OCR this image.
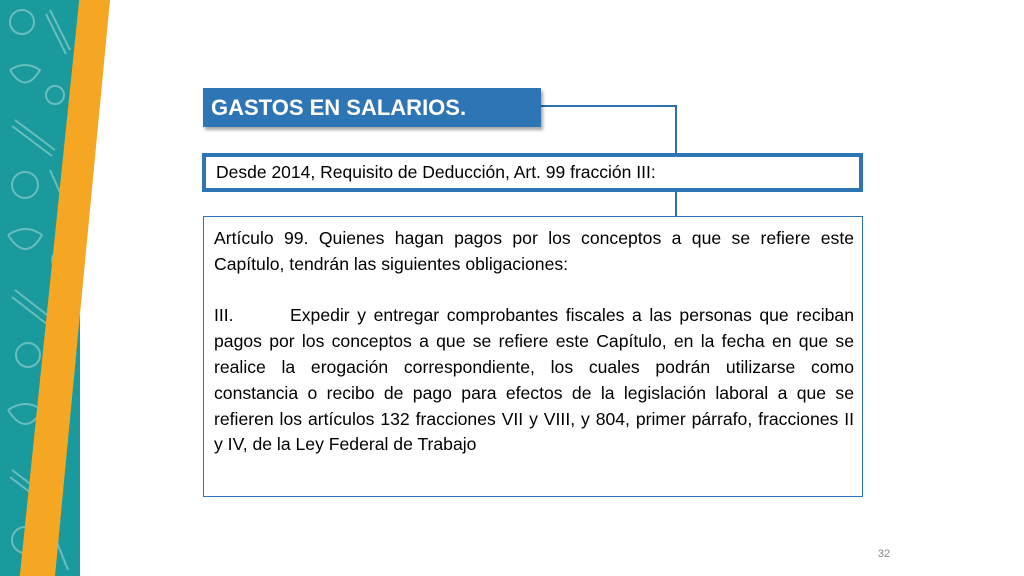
GASTOS EN SALARIOS.
Desde 2014, Requisito de Deducción, Art. 99 fracción III:

Artículo 99. Quienes hagan pagos por los conceptos a que se refiere este Capítulo, tendrán las siguientes obligaciones:

III.	Expedir y entregar comprobantes fiscales a las personas que reciban pagos por los conceptos a que se refiere este Capítulo, en la fecha en que se realice la erogación correspondiente, los cuales podrán utilizarse como constancia o recibo de pago para efectos de la legislación laboral a que se refieren los artículos 132 fracciones VII y VIII, y 804, primer párrafo, fracciones II y IV, de la Ley Federal de Trabajo

32
